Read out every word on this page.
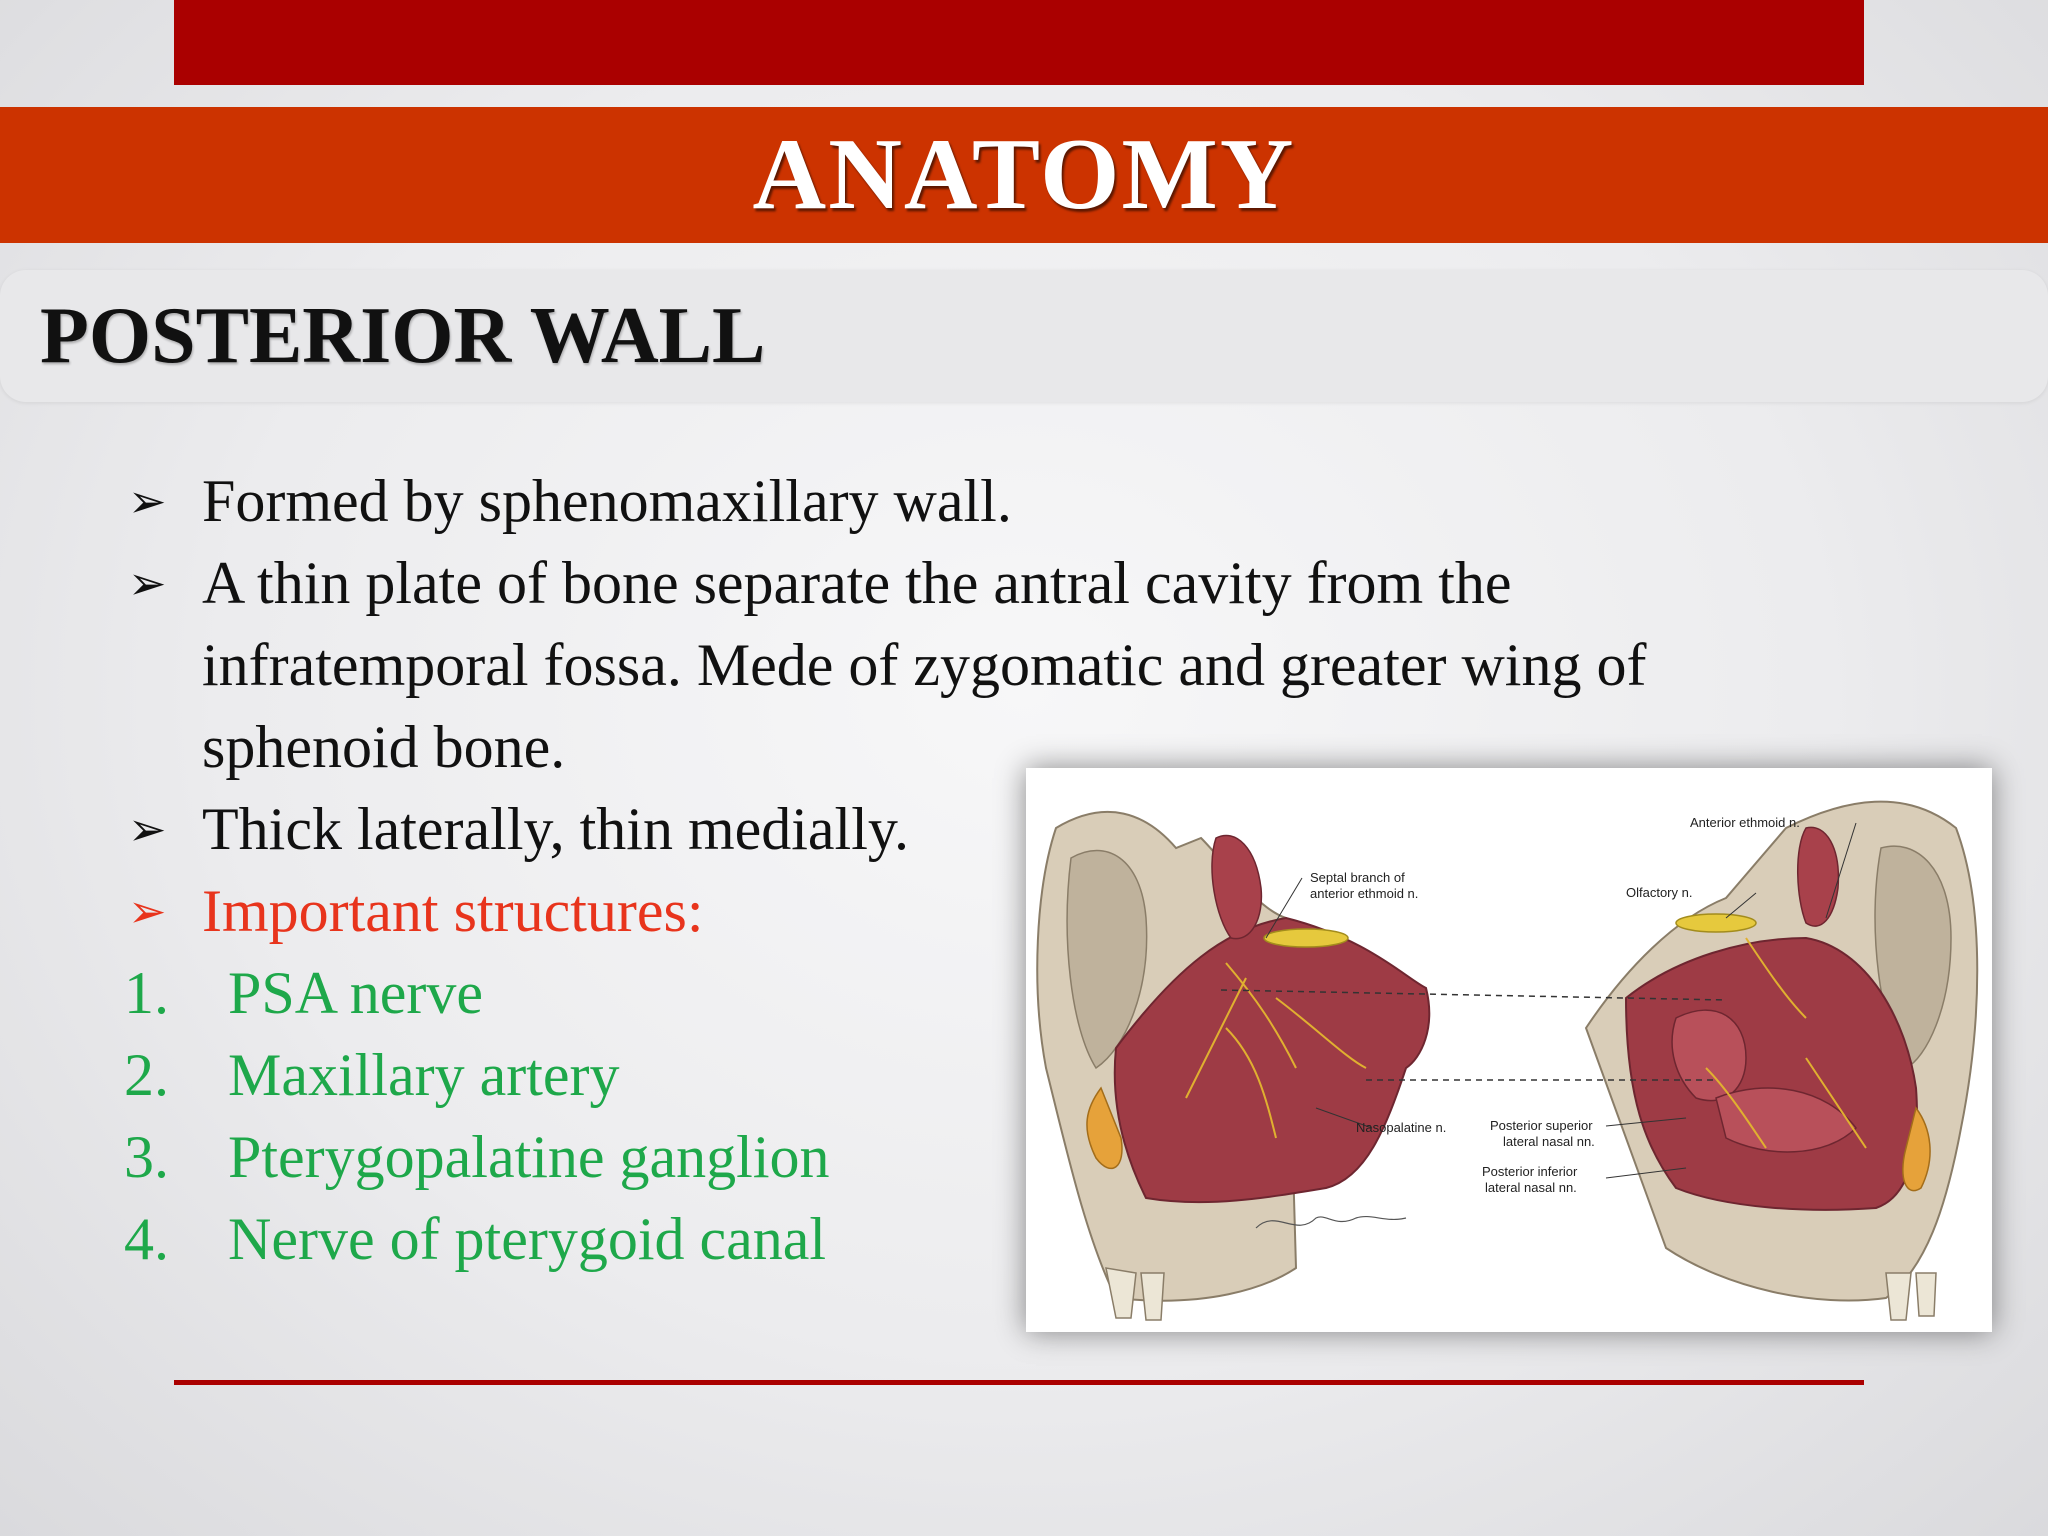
ANATOMY
POSTERIOR WALL
➢ Formed by sphenomaxillary wall.
➢ A thin plate of bone separate the antral cavity from the
infratemporal fossa. Mede of zygomatic and greater wing of
sphenoid bone.
➢ Thick laterally, thin medially.
➢ Important structures:
1. PSA nerve
2. Maxillary artery
3. Pterygopalatine ganglion
4. Nerve of pterygoid canal
Septal branch of
anterior ethmoid n.
Anterior ethmoid n.
Olfactory n.
Nasopalatine n.	Posterior superior
lateral nasal nn.
Posterior inferior
lateral nasal nn.
